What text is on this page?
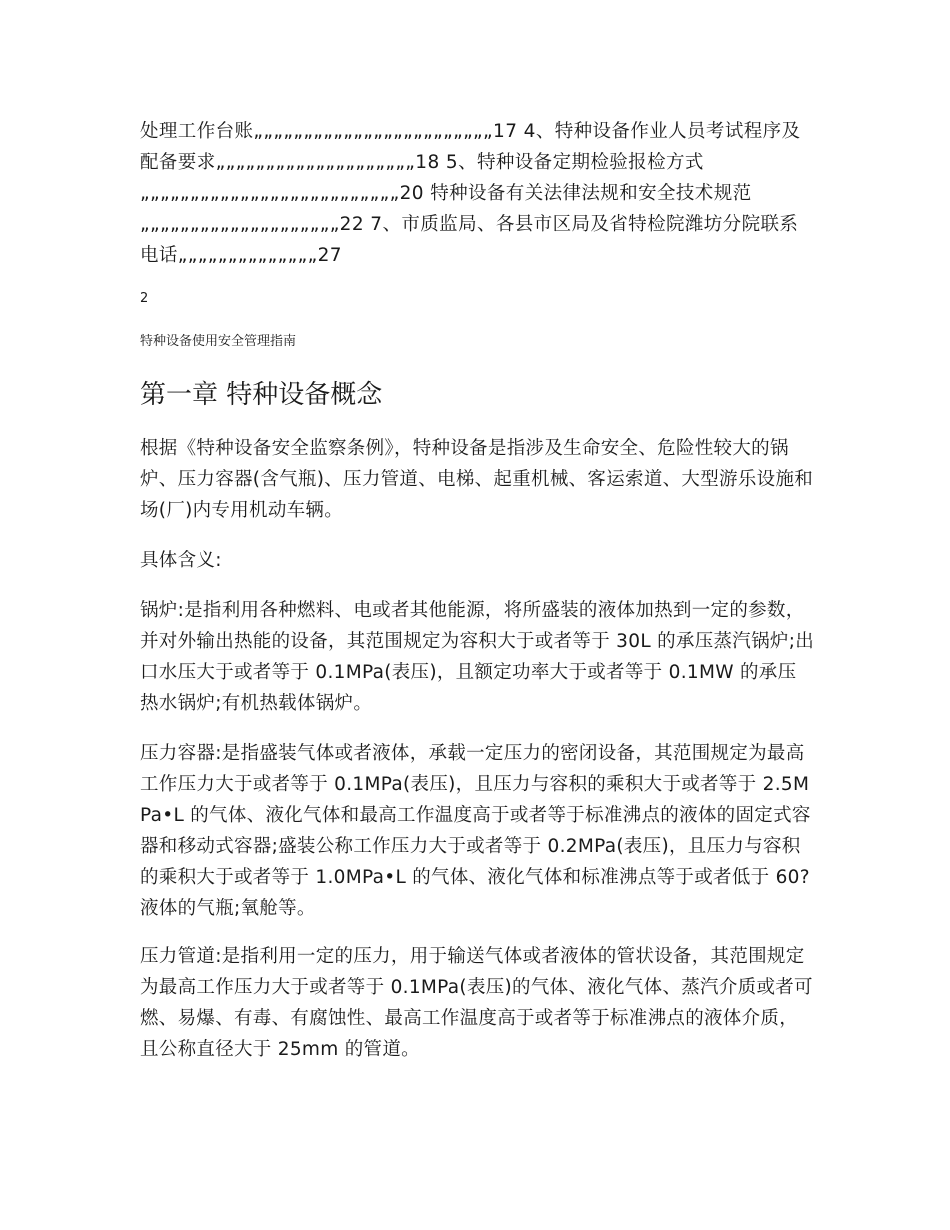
处理工作台账„„„„„„„„„„„„„„„„„„„„„„„„17 4、特种设备作业人员考试程序及配备要求„„„„„„„„„„„„„„„„„„„„18 5、特种设备定期检验报检方式„„„„„„„„„„„„„„„„„„„„„„„„„„20 特种设备有关法律法规和安全技术规范„„„„„„„„„„„„„„„„„„„„22 7、市质监局、各县市区局及省特检院潍坊分院联系电话„„„„„„„„„„„„„„27
2
特种设备使用安全管理指南
第一章 特种设备概念

根据《特种设备安全监察条例》，特种设备是指涉及生命安全、危险性较大的锅炉、压力容器(含气瓶)、压力管道、电梯、起重机械、客运索道、大型游乐设施和场(厂)内专用机动车辆。

具体含义:

锅炉:是指利用各种燃料、电或者其他能源，将所盛装的液体加热到一定的参数，并对外输出热能的设备，其范围规定为容积大于或者等于 30L 的承压蒸汽锅炉;出口水压大于或者等于 0.1MPa(表压)，且额定功率大于或者等于 0.1MW 的承压热水锅炉;有机热载体锅炉。

压力容器:是指盛装气体或者液体，承载一定压力的密闭设备，其范围规定为最高工作压力大于或者等于 0.1MPa(表压)，且压力与容积的乘积大于或者等于 2.5MPa•L 的气体、液化气体和最高工作温度高于或者等于标准沸点的液体的固定式容器和移动式容器;盛装公称工作压力大于或者等于 0.2MPa(表压)，且压力与容积的乘积大于或者等于 1.0MPa•L 的气体、液化气体和标准沸点等于或者低于 60?液体的气瓶;氧舱等。

压力管道:是指利用一定的压力，用于输送气体或者液体的管状设备，其范围规定为最高工作压力大于或者等于 0.1MPa(表压)的气体、液化气体、蒸汽介质或者可燃、易爆、有毒、有腐蚀性、最高工作温度高于或者等于标准沸点的液体介质，且公称直径大于 25mm 的管道。
